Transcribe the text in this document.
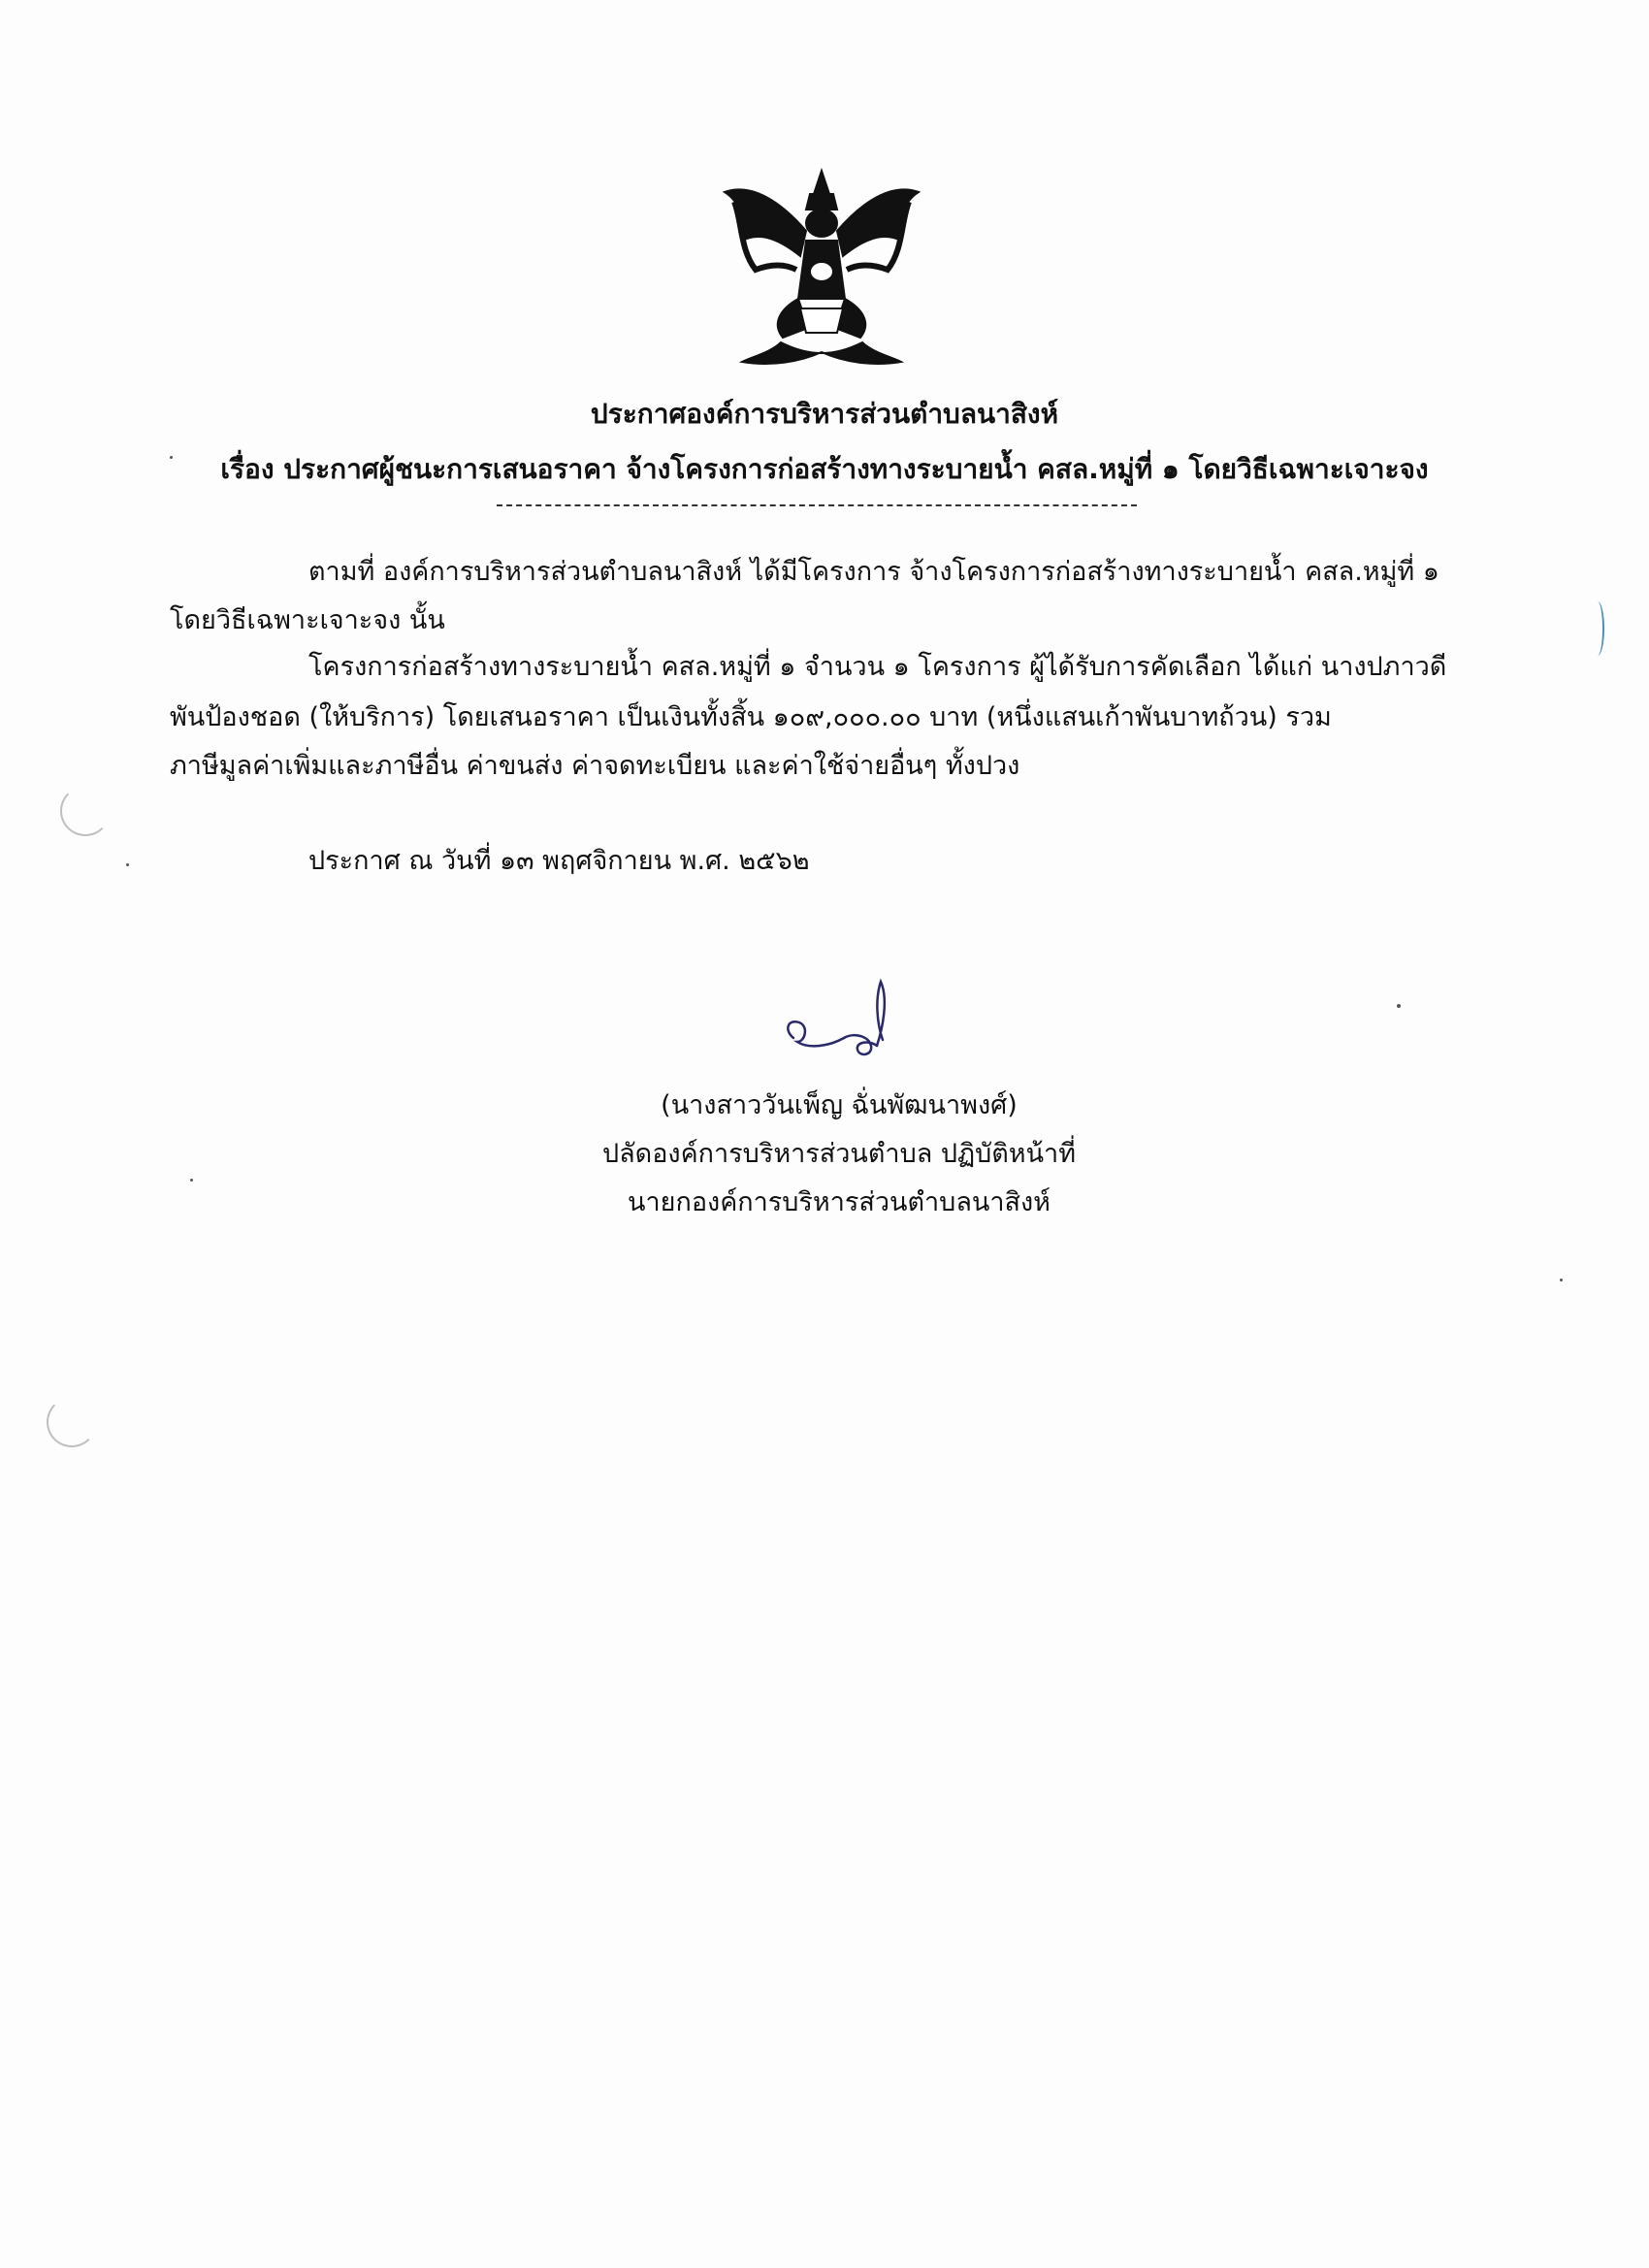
ประกาศองค์การบริหารส่วนตำบลนาสิงห์
เรื่อง ประกาศผู้ชนะการเสนอราคา จ้างโครงการก่อสร้างทางระบายน้ำ คสล.หมู่ที่ ๑ โดยวิธีเฉพาะเจาะจง
ตามที่ องค์การบริหารส่วนตำบลนาสิงห์ ได้มีโครงการ จ้างโครงการก่อสร้างทางระบายน้ำ คสล.หมู่ที่ ๑
โดยวิธีเฉพาะเจาะจง นั้น
โครงการก่อสร้างทางระบายน้ำ คสล.หมู่ที่ ๑ จำนวน ๑ โครงการ ผู้ได้รับการคัดเลือก ได้แก่ นางปภาวดี
พันป้องชอด (ให้บริการ) โดยเสนอราคา เป็นเงินทั้งสิ้น ๑๐๙,๐๐๐.๐๐ บาท (หนึ่งแสนเก้าพันบาทถ้วน) รวม
ภาษีมูลค่าเพิ่มและภาษีอื่น ค่าขนส่ง ค่าจดทะเบียน และค่าใช้จ่ายอื่นๆ ทั้งปวง
ประกาศ ณ วันที่ ๑๓ พฤศจิกายน พ.ศ. ๒๕๖๒
(นางสาววันเพ็ญ ฉั่นพัฒนาพงศ์)
ปลัดองค์การบริหารส่วนตำบล ปฏิบัติหน้าที่
นายกองค์การบริหารส่วนตำบลนาสิงห์
